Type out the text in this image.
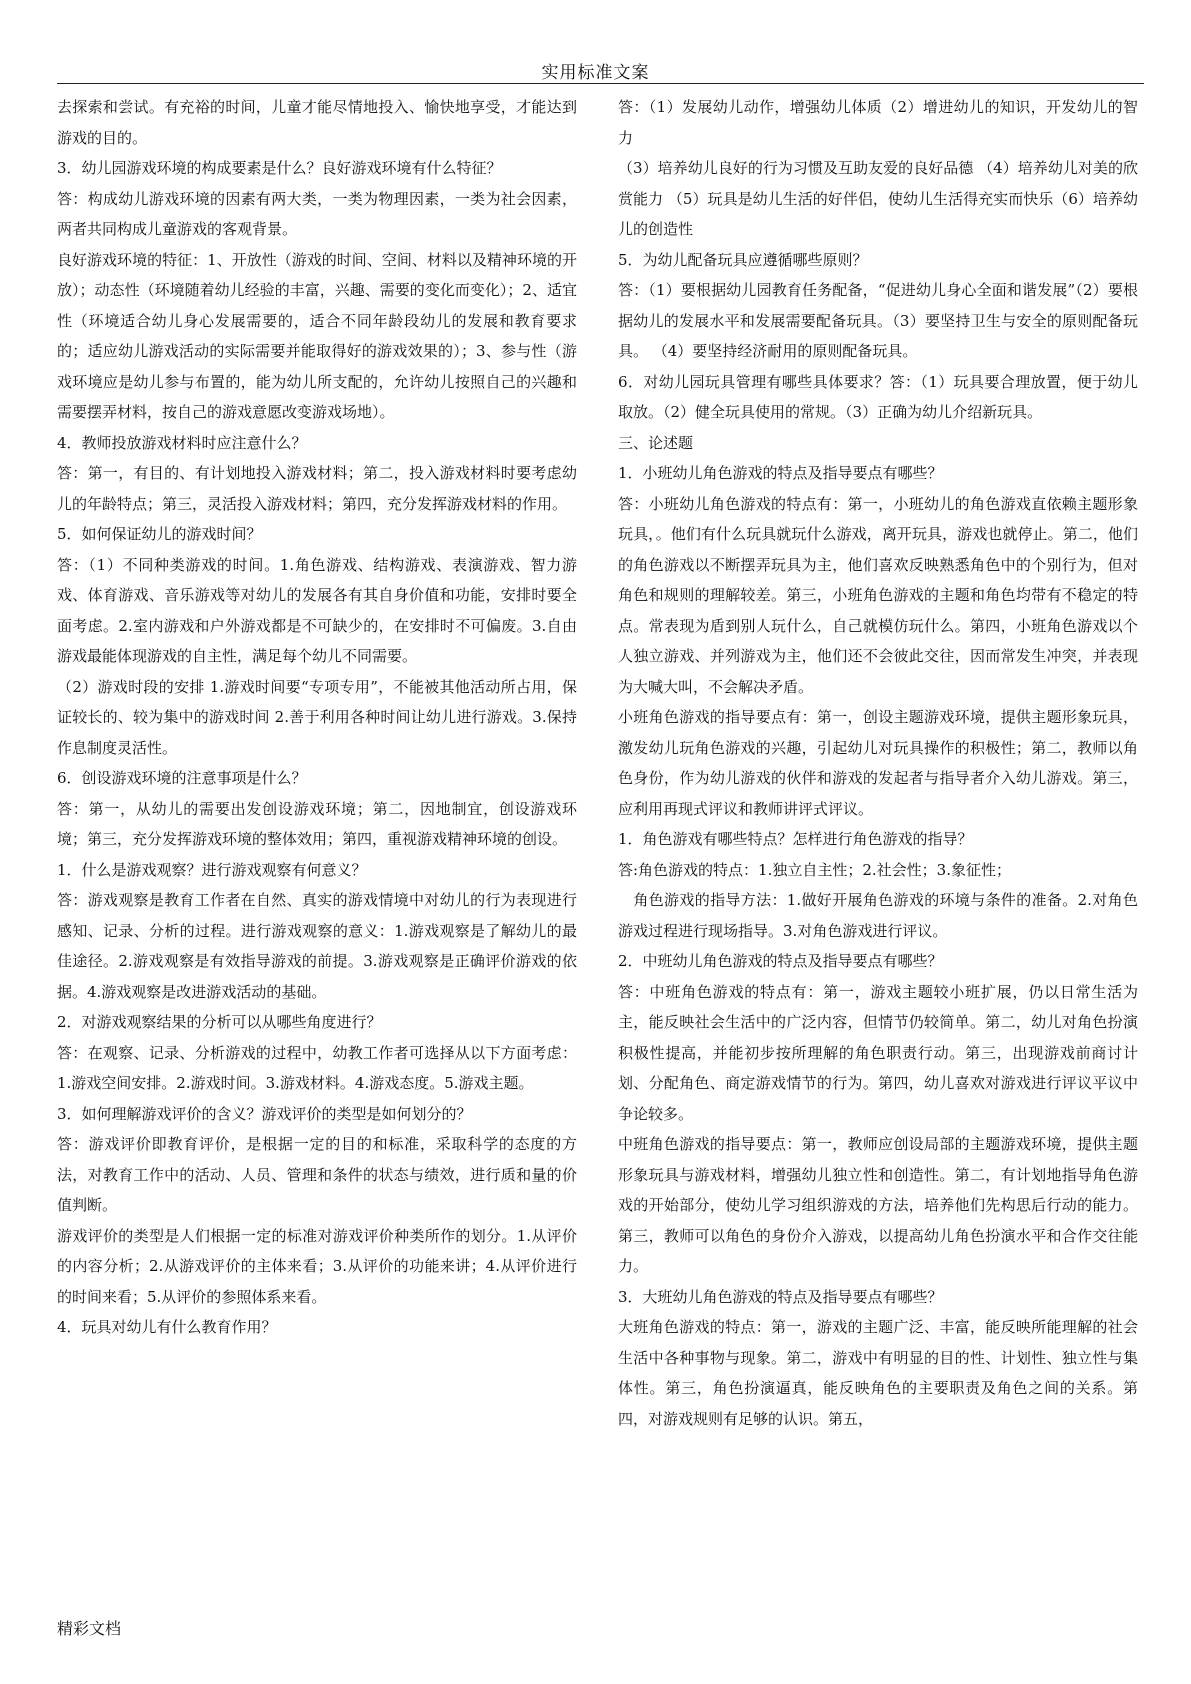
实用标准文案

去探索和尝试。有充裕的时间，儿童才能尽情地投入、愉快地享受，才能达到游戏的目的。

3．幼儿园游戏环境的构成要素是什么？良好游戏环境有什么特征？

答：构成幼儿游戏环境的因素有两大类，一类为物理因素，一类为社会因素，两者共同构成儿童游戏的客观背景。

良好游戏环境的特征：1、开放性（游戏的时间、空间、材料以及精神环境的开放）；动态性（环境随着幼儿经验的丰富，兴趣、需要的变化而变化）；2、适宜性（环境适合幼儿身心发展需要的，适合不同年龄段幼儿的发展和教育要求的；适应幼儿游戏活动的实际需要并能取得好的游戏效果的）；3、参与性（游戏环境应是幼儿参与布置的，能为幼儿所支配的，允许幼儿按照自己的兴趣和需要摆弄材料，按自己的游戏意愿改变游戏场地）。

4．教师投放游戏材料时应注意什么？

答：第一，有目的、有计划地投入游戏材料；第二，投入游戏材料时要考虑幼儿的年龄特点；第三，灵活投入游戏材料；第四，充分发挥游戏材料的作用。

5．如何保证幼儿的游戏时间？

答：（1）不同种类游戏的时间。1.角色游戏、结构游戏、表演游戏、智力游戏、体育游戏、音乐游戏等对幼儿的发展各有其自身价值和功能，安排时要全面考虑。2.室内游戏和户外游戏都是不可缺少的，在安排时不可偏废。3.自由游戏最能体现游戏的自主性，满足每个幼儿不同需要。

（2）游戏时段的安排 1.游戏时间要“专项专用”，不能被其他活动所占用，保证较长的、较为集中的游戏时间 2.善于利用各种时间让幼儿进行游戏。3.保持作息制度灵活性。

6．创设游戏环境的注意事项是什么？

答：第一，从幼儿的需要出发创设游戏环境；第二，因地制宜，创设游戏环境；第三，充分发挥游戏环境的整体效用；第四，重视游戏精神环境的创设。

1．什么是游戏观察？进行游戏观察有何意义？

答：游戏观察是教育工作者在自然、真实的游戏情境中对幼儿的行为表现进行感知、记录、分析的过程。进行游戏观察的意义：1.游戏观察是了解幼儿的最佳途径。2.游戏观察是有效指导游戏的前提。3.游戏观察是正确评价游戏的依据。4.游戏观察是改进游戏活动的基础。

2．对游戏观察结果的分析可以从哪些角度进行？

答：在观察、记录、分析游戏的过程中，幼教工作者可选择从以下方面考虑：1.游戏空间安排。2.游戏时间。3.游戏材料。4.游戏态度。5.游戏主题。

3．如何理解游戏评价的含义？游戏评价的类型是如何划分的？

答：游戏评价即教育评价，是根据一定的目的和标准，采取科学的态度的方法，对教育工作中的活动、人员、管理和条件的状态与绩效，进行质和量的价值判断。

游戏评价的类型是人们根据一定的标准对游戏评价种类所作的划分。1.从评价的内容分析；2.从游戏评价的主体来看；3.从评价的功能来讲；4.从评价进行的时间来看；5.从评价的参照体系来看。

4．玩具对幼儿有什么教育作用？

答：（1）发展幼儿动作，增强幼儿体质（2）增进幼儿的知识，开发幼儿的智力

（3）培养幼儿良好的行为习惯及互助友爱的良好品德 （4）培养幼儿对美的欣赏能力 （5）玩具是幼儿生活的好伴侣，使幼儿生活得充实而快乐（6）培养幼儿的创造性

5．为幼儿配备玩具应遵循哪些原则？

答：（1）要根据幼儿园教育任务配备，“促进幼儿身心全面和谐发展”（2）要根据幼儿的发展水平和发展需要配备玩具。（3）要坚持卫生与安全的原则配备玩具。 （4）要坚持经济耐用的原则配备玩具。

6．对幼儿园玩具管理有哪些具体要求？答：（1）玩具要合理放置，便于幼儿取放。（2）健全玩具使用的常规。（3）正确为幼儿介绍新玩具。

三、论述题

1．小班幼儿角色游戏的特点及指导要点有哪些？

答：小班幼儿角色游戏的特点有：第一，小班幼儿的角色游戏直依赖主题形象玩具，。他们有什么玩具就玩什么游戏，离开玩具，游戏也就停止。第二，他们的角色游戏以不断摆弄玩具为主，他们喜欢反映熟悉角色中的个别行为，但对角色和规则的理解较差。第三，小班角色游戏的主题和角色均带有不稳定的特点。常表现为盾到别人玩什么，自己就模仿玩什么。第四，小班角色游戏以个人独立游戏、并列游戏为主，他们还不会彼此交往，因而常发生冲突，并表现为大喊大叫，不会解决矛盾。

小班角色游戏的指导要点有：第一，创设主题游戏环境，提供主题形象玩具，激发幼儿玩角色游戏的兴趣，引起幼儿对玩具操作的积极性；第二，教师以角色身份，作为幼儿游戏的伙伴和游戏的发起者与指导者介入幼儿游戏。第三，应利用再现式评议和教师讲评式评议。

1．角色游戏有哪些特点？怎样进行角色游戏的指导？

答:角色游戏的特点：1.独立自主性；2.社会性；3.象征性；

　角色游戏的指导方法：1.做好开展角色游戏的环境与条件的准备。2.对角色游戏过程进行现场指导。3.对角色游戏进行评议。

2．中班幼儿角色游戏的特点及指导要点有哪些？

答：中班角色游戏的特点有：第一，游戏主题较小班扩展，仍以日常生活为主，能反映社会生活中的广泛内容，但情节仍较简单。第二，幼儿对角色扮演积极性提高，并能初步按所理解的角色职责行动。第三，出现游戏前商讨计划、分配角色、商定游戏情节的行为。第四，幼儿喜欢对游戏进行评议平议中争论较多。

中班角色游戏的指导要点：第一，教师应创设局部的主题游戏环境，提供主题形象玩具与游戏材料，增强幼儿独立性和创造性。第二，有计划地指导角色游戏的开始部分，使幼儿学习组织游戏的方法，培养他们先构思后行动的能力。第三，教师可以角色的身份介入游戏，以提高幼儿角色扮演水平和合作交往能力。

3．大班幼儿角色游戏的特点及指导要点有哪些？

大班角色游戏的特点：第一，游戏的主题广泛、丰富，能反映所能理解的社会生活中各种事物与现象。第二，游戏中有明显的目的性、计划性、独立性与集体性。第三，角色扮演逼真，能反映角色的主要职责及角色之间的关系。第四，对游戏规则有足够的认识。第五，

精彩文档
